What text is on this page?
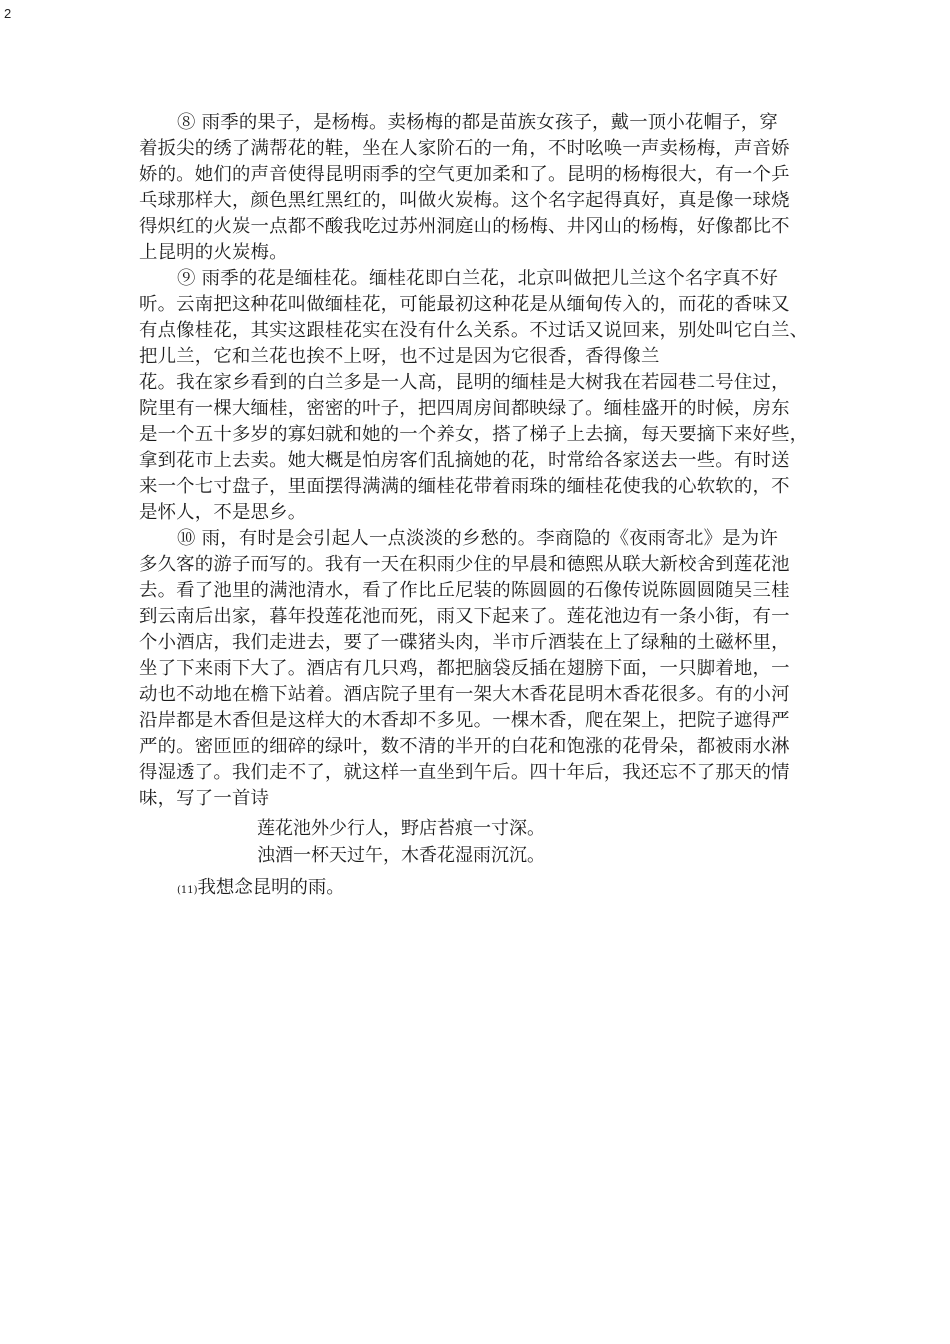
2
⑧ 雨季的果子，是杨梅。卖杨梅的都是苗族女孩子，戴一顶小花帽子，穿
着扳尖的绣了满帮花的鞋，坐在人家阶石的一角，不时吆唤一声卖杨梅，声音娇
娇的。她们的声音使得昆明雨季的空气更加柔和了。昆明的杨梅很大，有一个乒
乓球那样大，颜色黑红黑红的，叫做火炭梅。这个名字起得真好，真是像一球烧
得炽红的火炭一点都不酸我吃过苏州洞庭山的杨梅、井冈山的杨梅，好像都比不
上昆明的火炭梅。
⑨ 雨季的花是缅桂花。缅桂花即白兰花，北京叫做把儿兰这个名字真不好
听。云南把这种花叫做缅桂花，可能最初这种花是从缅甸传入的，而花的香味又
有点像桂花，其实这跟桂花实在没有什么关系。不过话又说回来，别处叫它白兰、
把儿兰，它和兰花也挨不上呀，也不过是因为它很香，香得像兰
花。我在家乡看到的白兰多是一人高，昆明的缅桂是大树我在若园巷二号住过，
院里有一棵大缅桂，密密的叶子，把四周房间都映绿了。缅桂盛开的时候，房东
是一个五十多岁的寡妇就和她的一个养女，搭了梯子上去摘，每天要摘下来好些，
拿到花市上去卖。她大概是怕房客们乱摘她的花，时常给各家送去一些。有时送
来一个七寸盘子，里面摆得满满的缅桂花带着雨珠的缅桂花使我的心软软的，不
是怀人，不是思乡。
⑩ 雨，有时是会引起人一点淡淡的乡愁的。李商隐的《夜雨寄北》是为许
多久客的游子而写的。我有一天在积雨少住的早晨和德熙从联大新校舍到莲花池
去。看了池里的满池清水，看了作比丘尼装的陈圆圆的石像传说陈圆圆随吴三桂
到云南后出家，暮年投莲花池而死，雨又下起来了。莲花池边有一条小街，有一
个小酒店，我们走进去，要了一碟猪头肉，半市斤酒装在上了绿釉的土磁杯里，
坐了下来雨下大了。酒店有几只鸡，都把脑袋反插在翅膀下面，一只脚着地，一
动也不动地在檐下站着。酒店院子里有一架大木香花昆明木香花很多。有的小河
沿岸都是木香但是这样大的木香却不多见。一棵木香，爬在架上，把院子遮得严
严的。密匝匝的细碎的绿叶，数不清的半开的白花和饱涨的花骨朵，都被雨水淋
得湿透了。我们走不了，就这样一直坐到午后。四十年后，我还忘不了那天的情
味，写了一首诗
莲花池外少行人，野店苔痕一寸深。
浊酒一杯天过午，木香花湿雨沉沉。
(11)我想念昆明的雨。
